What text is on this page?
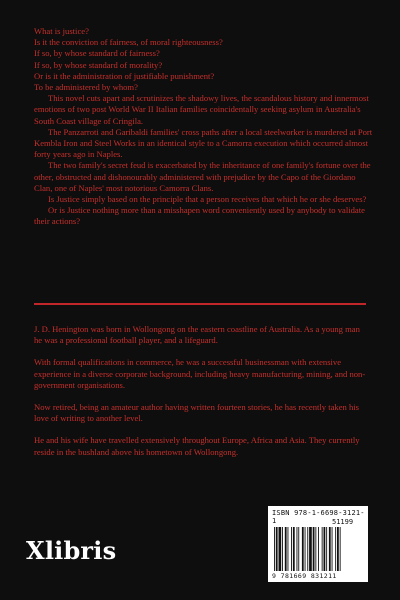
What is justice?

Is it the conviction of fairness, of moral righteousness?

If so, by whose standard of fairness?

If so, by whose standard of morality?

Or is it the administration of justifiable punishment?

To be administered by whom?

This novel cuts apart and scrutinizes the shadowy lives, the scandalous history and innermost emotions of two post World War II Italian families coincidentally seeking asylum in Australia's South Coast village of Cringila.

The Panzarroti and Garibaldi families' cross paths after a local steelworker is murdered at Port Kembla Iron and Steel Works in an identical style to a Camorra execution which occurred almost forty years ago in Naples.

The two family's secret feud is exacerbated by the inheritance of one family's fortune over the other, obstructed and dishonourably administered with prejudice by the Capo of the Giordano Clan, one of Naples' most notorious Camorra Clans.

Is Justice simply based on the principle that a person receives that which he or she deserves?

Or is Justice nothing more than a misshapen word conveniently used by anybody to validate their actions?

J. D. Henington was born in Wollongong on the eastern coastline of Australia. As a young man he was a professional football player, and a lifeguard.

With formal qualifications in commerce, he was a successful businessman with extensive experience in a diverse corporate background, including heavy manufacturing, mining, and non-government organisations.

Now retired, being an amateur author having written fourteen stories, he has recently taken his love of writing to another level.

He and his wife have travelled extensively throughout Europe, Africa and Asia. They currently reside in the bushland above his hometown of Wollongong.

ISBN 978-1-6698-3121-1	51199
9 781669 831211
Xlibris
